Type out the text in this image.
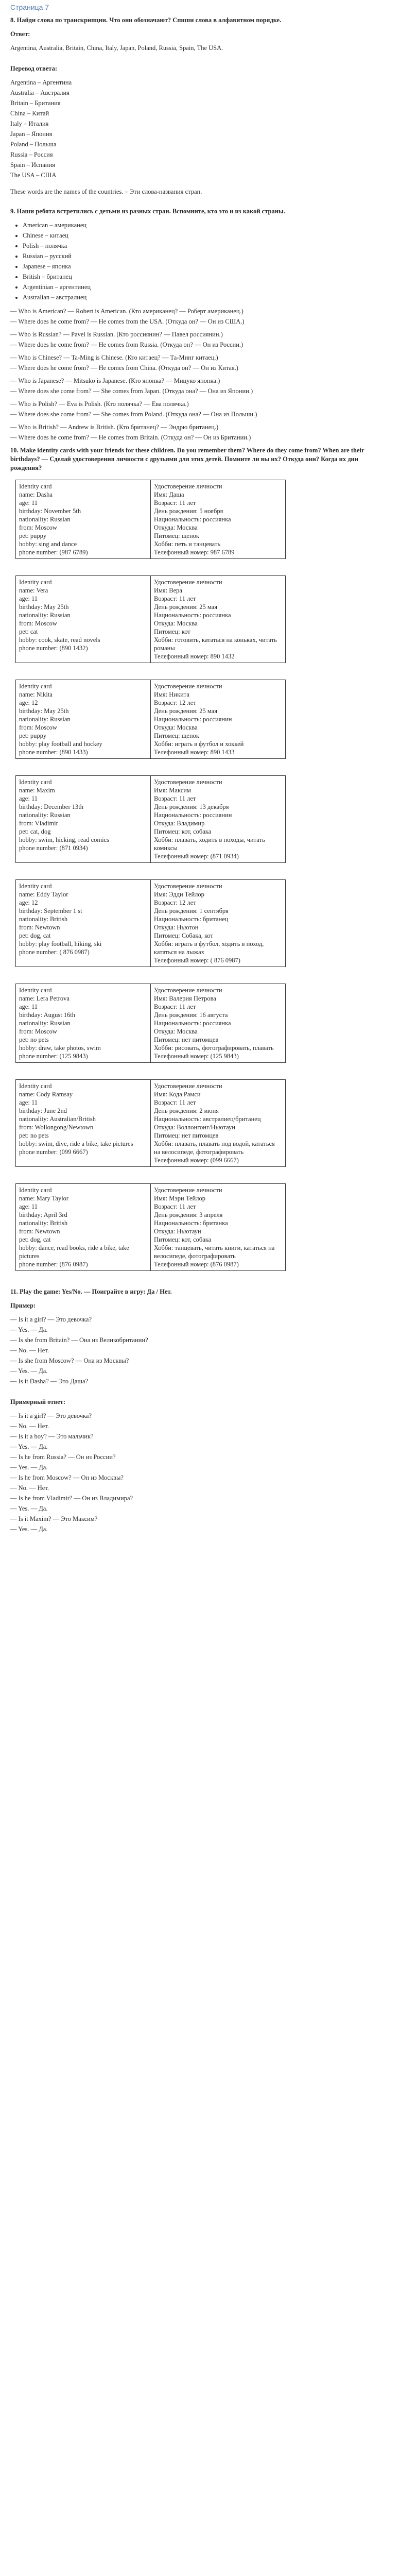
Страница 7
8. Найди слова по транскрипции. Что они обозначают? Спиши слова в алфавитном порядке.
Ответ:

Argentina, Australia, Britain, China, Italy, Japan, Poland, Russia, Spain, The USA.

Перевод ответа:

Argentina – Аргентина

Australia – Австралия

Britain – Британия

China – Китай

Italy – Италия

Japan – Япония

Poland – Польша

Russia – Россия

Spain – Испания

The USA – США

These words are the names of the countries. – Эти слова-названия стран.

9. Наши ребята встретились с детьми из разных стран. Вспомните, кто это и из какой страны.
• American – американец
• Chinese – китаец
• Polish – полячка
• Russian – русский
• Japanese – японка
• British – британец
• Argentinian – аргентинец
• Australian – австралиец

— Who is American? — Robert is American. (Кто американец? — Роберт американец.)

— Where does he come from? — He comes from the USA. (Откуда он? — Он из США.)

— Who is Russian? — Pavel is Russian. (Кто россиянин? — Павел россиянин.)

— Where does he come from? — He comes from Russia. (Откуда он? — Он из России.)

— Who is Chinese? — Ta-Ming is Chinese. (Кто китаец? — Та-Минг китаец.)

— Where does he come from? — He comes from China. (Откуда он? — Он из Китая.)

— Who is Japanese? — Mitsuko is Japanese. (Кто японка? — Мицуко японка.)

— Where does she come from? — She comes from Japan. (Откуда она? — Она из Японии.)

— Who is Polish? — Eva is Polish. (Кто полячка? — Ева полячка.)

— Where does she come from? — She comes from Poland. (Откуда она? — Она из Польши.)

— Who is British? — Andrew is British. (Кто британец? — Эндрю британец.)

— Where does he come from? — He comes from Britain. (Откуда он? — Он из Британии.)

10. Make identity cards with your friends for these children. Do you remember them? Where do they come from? When are their birthdays? — Сделай удостоверения личности с друзьями для этих детей. Помните ли вы их? Откуда они? Когда их дни рождения?
Identity card
name: Dasha
age: 11
birthday: November 5th
nationality: Russian
from: Moscow
pet: puppy
hobby: sing and dance
phone number: (987 6789)

Удостоверение личности
Имя: Даша
Возраст: 11 лет
День рождения: 5 ноября
Национальность: россиянка
Откуда: Москва
Питомец: щенок
Хобби: петь и танцевать
Телефонный номер: 987 6789
Identity card
name: Vera
age: 11
birthday: May 25th
nationality: Russian
from: Moscow
pet: cat
hobby: cook, skate, read novels
phone number: (890 1432)

Удостоверение личности
Имя: Вера
Возраст: 11 лет
День рождения: 25 мая
Национальность: россиянка
Откуда: Москва
Питомец: кот
Хобби: готовить, кататься на коньках, читать романы
Телефонный номер: 890 1432
Identity card
name: Nikita
age: 12
birthday: May 25th
nationality: Russian
from: Moscow
pet: puppy
hobby: play football and hockey
phone number: (890 1433)

Удостоверение личности
Имя: Никита
Возраст: 12 лет
День рождения: 25 мая
Национальность: россиянин
Откуда: Москва
Питомец: щенок
Хобби: играть в футбол и хоккей
Телефонный номер: 890 1433
Identity card
name: Maxim
age: 11
birthday: December 13th
nationality: Russian
from: Vladimir
pet: cat, dog
hobby: swim, hicking, read comics
phone number: (871 0934)

Удостоверение личности
Имя: Максим
Возраст: 11 лет
День рождения: 13 декабря
Национальность: россиянин
Откуда: Владимир
Питомец: кот, собака
Хобби: плавать, ходить в походы, читать комиксы
Телефонный номер: (871 0934)
Identity card
name: Eddy Taylor
age: 12
birthday: September 1 st
nationality: British
from: Newtown
pet: dog, cat
hobby: play football, hiking, ski
phone number: ( 876 0987)

Удостоверение личности
Имя: Эдди Тейлор
Возраст: 12 лет
День рождения: 1 сентября
Национальность: британец
Откуда: Ньютон
Питомец: Собака, кот
Хобби: играть в футбол, ходить в поход, кататься на лыжах
Телефонный номер: ( 876 0987)
Identity card
name: Lera Petrova
age: 11
birthday: August 16th
nationality: Russian
from: Moscow
pet: no pets
hobby: draw, take photos, swim
phone number: (125 9843)

Удостоверение личности
Имя: Валерия Петрова
Возраст: 11 лет
День рождения: 16 августа
Национальность: россиянка
Откуда: Москва
Питомец: нет питомцев
Хобби: рисовать, фотографировать, плавать
Телефонный номер: (125 9843)
Identity card
name: Cody Ramsay
age: 11
birthday: June 2nd
nationality: Australian/British
from: Wollongong/Newtown
pet: no pets
hobby: swim, dive, ride a bike, take pictures
phone number: (099 6667)

Удостоверение личности
Имя: Кода Рамси
Возраст: 11 лет
День рождения: 2 июня
Национальность: австралиец/британец
Откуда: Воллонгонг/Ньютаун
Питомец: нет питомцев
Хобби: плавать, плавать под водой, кататься на велосипеде, фотографировать
Телефонный номер: (099 6667)
Identity card
name: Mary Taylor
age: 11
birthday: April 3rd
nationality: British
from: Newtown
pet: dog, cat
hobby: dance, read books, ride a bike, take pictures
phone number: (876 0987)

Удостоверение личности
Имя: Мэри Тейлор
Возраст: 11 лет
День рождения: 3 апреля
Национальность: британка
Откуда: Ньютаун
Питомец: кот, собака
Хобби: танцевать, читать книги, кататься на велосипеде, фотографировать
Телефонный номер: (876 0987)
11. Play the game: Yes/No. — Поиграйте в игру: Да / Нет.
Пример:

— Is it a girl? — Это девочка?

— Yes. — Да.

— Is she from Britain? — Она из Великобритании?

— No. — Нет.

— Is she from Moscow? — Она из Москвы?

— Yes. — Да.

— Is it Dasha? — Это Даша?

Примерный ответ:

— Is it a girl? — Это девочка?

— No. — Нет.

— Is it a boy? — Это мальчик?

— Yes. — Да.

— Is he from Russia? — Он из России?

— Yes. — Да.

— Is he from Moscow? — Он из Москвы?

— No. — Нет.

— Is he from Vladimir? — Он из Владимира?

— Yes. — Да.

— Is it Maxim? — Это Максим?

— Yes. — Да.
